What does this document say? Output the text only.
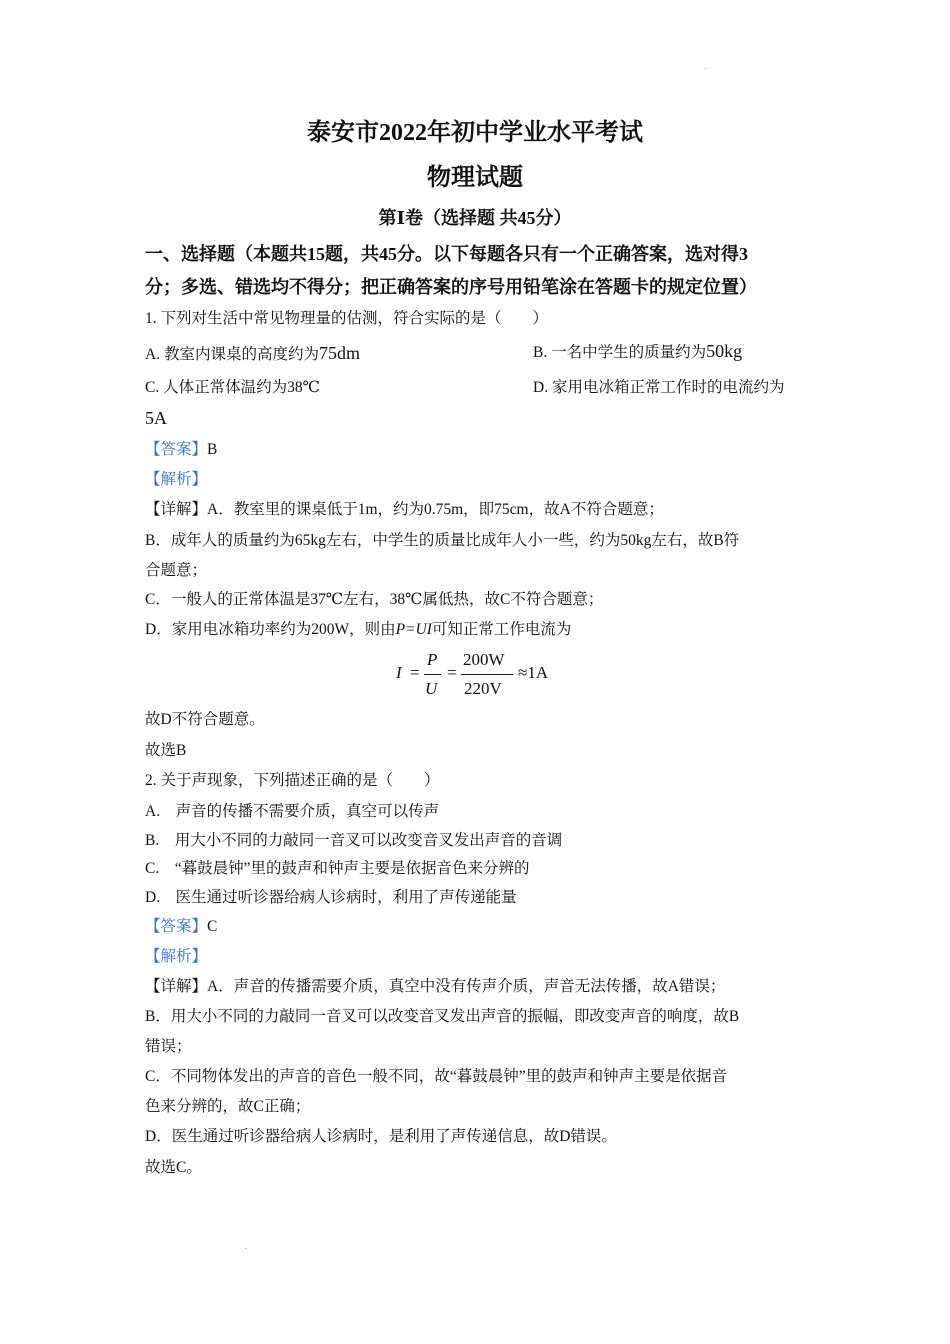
·
泰安市2022年初中学业水平考试
物理试题
第Ⅰ卷（选择题 共45分）
一、选择题（本题共15题，共45分。以下每题各只有一个正确答案，选对得3
分；多选、错选均不得分；把正确答案的序号用铅笔涂在答题卡的规定位置）
1. 下列对生活中常见物理量的估测，符合实际的是（　　）
A. 教室内课桌的高度约为75dm	B. 一名中学生的质量约为50kg
C. 人体正常体温约为38℃	D. 家用电冰箱正常工作时的电流约为
5A
【答案】B
【解析】
【详解】A．教室里的课桌低于1m，约为0.75m，即75cm，故A不符合题意；
B．成年人的质量约为65kg左右，中学生的质量比成年人小一些，约为50kg左右，故B符
合题意；
C．一般人的正常体温是37℃左右，38℃属低热，故C不符合题意；
D．家用电冰箱功率约为200W，则由P=UI可知正常工作电流为
I =
P
U
=
200W
220V
≈1A
故D不符合题意。
故选B
2. 关于声现象，下列描述正确的是（　　）
A.　声音的传播不需要介质，真空可以传声
B.　用大小不同的力敲同一音叉可以改变音叉发出声音的音调
C.　“暮鼓晨钟”里的鼓声和钟声主要是依据音色来分辨的
D.　医生通过听诊器给病人诊病时，利用了声传递能量
【答案】C
【解析】
【详解】A．声音的传播需要介质，真空中没有传声介质，声音无法传播，故A错误；
B．用大小不同的力敲同一音叉可以改变音叉发出声音的振幅，即改变声音的响度，故B
错误；
C．不同物体发出的声音的音色一般不同，故“暮鼓晨钟”里的鼓声和钟声主要是依据音
色来分辨的，故C正确；
D．医生通过听诊器给病人诊病时，是利用了声传递信息，故D错误。
故选C。
·
